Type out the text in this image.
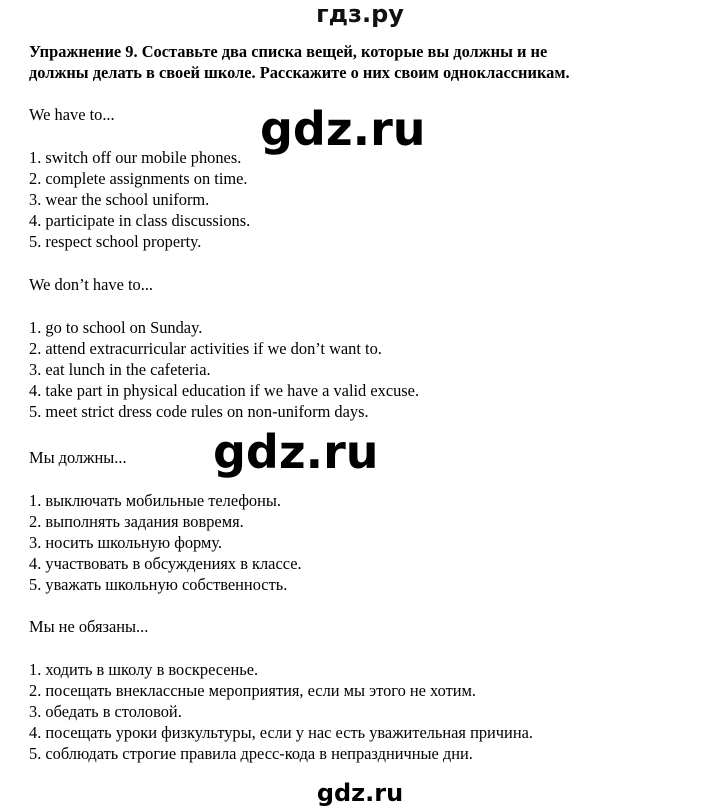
гдз.ру
Упражнение 9. Составьте два списка вещей, которые вы должны и не
должны делать в своей школе. Расскажите о них своим одноклассникам.
We have to...
1. switch off our mobile phones.
2. complete assignments on time.
3. wear the school uniform.
4. participate in class discussions.
5. respect school property.
We don’t have to...
1. go to school on Sunday.
2. attend extracurricular activities if we don’t want to.
3. eat lunch in the cafeteria.
4. take part in physical education if we have a valid excuse.
5. meet strict dress code rules on non-uniform days.
Мы должны...
1. выключать мобильные телефоны.
2. выполнять задания вовремя.
3. носить школьную форму.
4. участвовать в обсуждениях в классе.
5. уважать школьную собственность.
Мы не обязаны...
1. ходить в школу в воскресенье.
2. посещать внеклассные мероприятия, если мы этого не хотим.
3. обедать в столовой.
4. посещать уроки физкультуры, если у нас есть уважительная причина.
5. соблюдать строгие правила дресс-кода в непраздничные дни.
gdz.ru
gdz.ru
gdz.ru
